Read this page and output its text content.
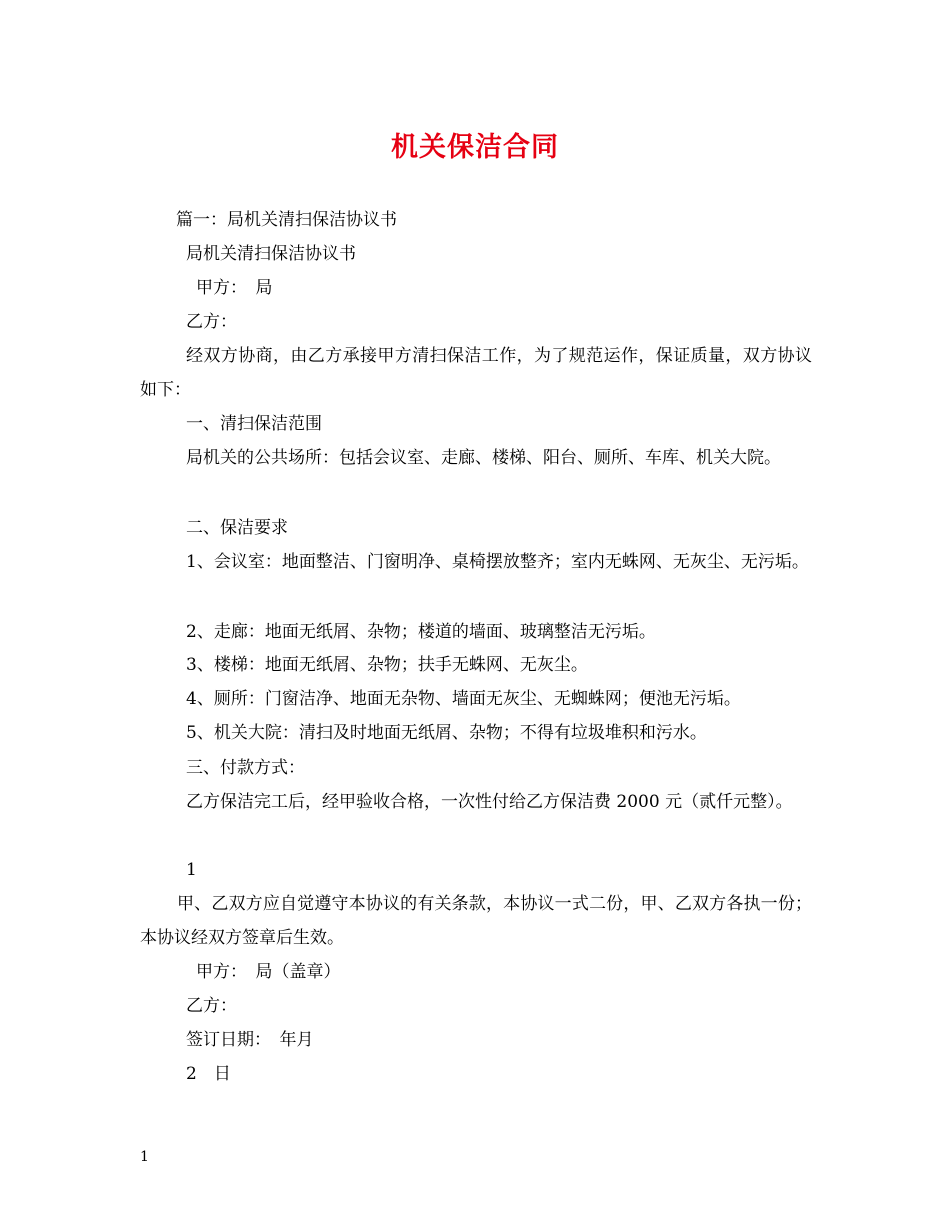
机关保洁合同
篇一：局机关清扫保洁协议书
局机关清扫保洁协议书
甲方：　局
乙方：
经双方协商，由乙方承接甲方清扫保洁工作，为了规范运作，保证质量，双方协议如下：
一、清扫保洁范围
局机关的公共场所：包括会议室、走廊、楼梯、阳台、厕所、车库、机关大院。
二、保洁要求
1、会议室：地面整洁、门窗明净、桌椅摆放整齐；室内无蛛网、无灰尘、无污垢。
2、走廊：地面无纸屑、杂物；楼道的墙面、玻璃整洁无污垢。
3、楼梯：地面无纸屑、杂物；扶手无蛛网、无灰尘。
4、厕所：门窗洁净、地面无杂物、墙面无灰尘、无蜘蛛网；便池无污垢。
5、机关大院：清扫及时地面无纸屑、杂物；不得有垃圾堆积和污水。
三、付款方式：
乙方保洁完工后，经甲验收合格，一次性付给乙方保洁费 2000 元（贰仟元整）。
1
甲、乙双方应自觉遵守本协议的有关条款，本协议一式二份，甲、乙双方各执一份；本协议经双方签章后生效。
甲方：　局（盖章）
乙方：
签订日期：　年月
2　日
1
